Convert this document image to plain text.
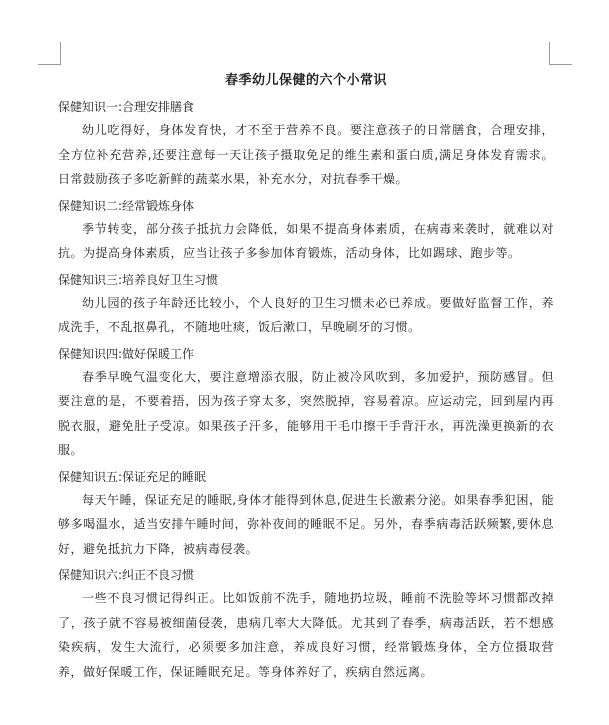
春季幼儿保健的六个小常识

保健知识一:合理安排膳食

幼儿吃得好，身体发育快，才不至于营养不良。要注意孩子的日常膳食，合理安排，全方位补充营养,还要注意每一天让孩子摄取免足的维生素和蛋白质,满足身体发育需求。日常鼓励孩子多吃新鲜的蔬菜水果，补充水分，对抗春季干燥。

保健知识二:经常锻炼身体

季节转变，部分孩子抵抗力会降低，如果不提高身体素质，在病毒来袭时，就难以对抗。为提高身体素质，应当让孩子多参加体育锻炼，活动身体，比如踢球、跑步等。

保健知识三:培养良好卫生习惯

幼儿园的孩子年龄还比较小，个人良好的卫生习惯未必已养成。要做好监督工作，养成洗手，不乱抠鼻孔，不随地吐痰，饭后漱口，早晚刷牙的习惯。

保健知识四:做好保暖工作

春季早晚气温变化大，要注意增添衣服，防止被冷风吹到，多加爱护，预防感冒。但要注意的是，不要着捂，因为孩子穿太多，突然脱掉，容易着凉。应运动完，回到屋内再脱衣服，避免肚子受凉。如果孩子汗多，能够用干毛巾擦干手背汗水，再洗澡更换新的衣服。

保健知识五:保证充足的睡眠

每天午睡，保证充足的睡眠,身体才能得到休息,促进生长激素分泌。如果春季犯困，能够多喝温水，适当安排午睡时间，弥补夜间的睡眠不足。另外，春季病毒活跃频繁,要休息好，避免抵抗力下降，被病毒侵袭。

保健知识六:纠正不良习惯

一些不良习惯记得纠正。比如饭前不洗手，随地扔垃圾，睡前不洗脸等坏习惯都改掉了，孩子就不容易被细菌侵袭，患病几率大大降低。尤其到了春季，病毒活跃，若不想感染疾病，发生大流行，必须要多加注意，养成良好习惯，经常锻炼身体，全方位摄取营养，做好保暖工作，保证睡眠充足。等身体养好了，疾病自然远离。
